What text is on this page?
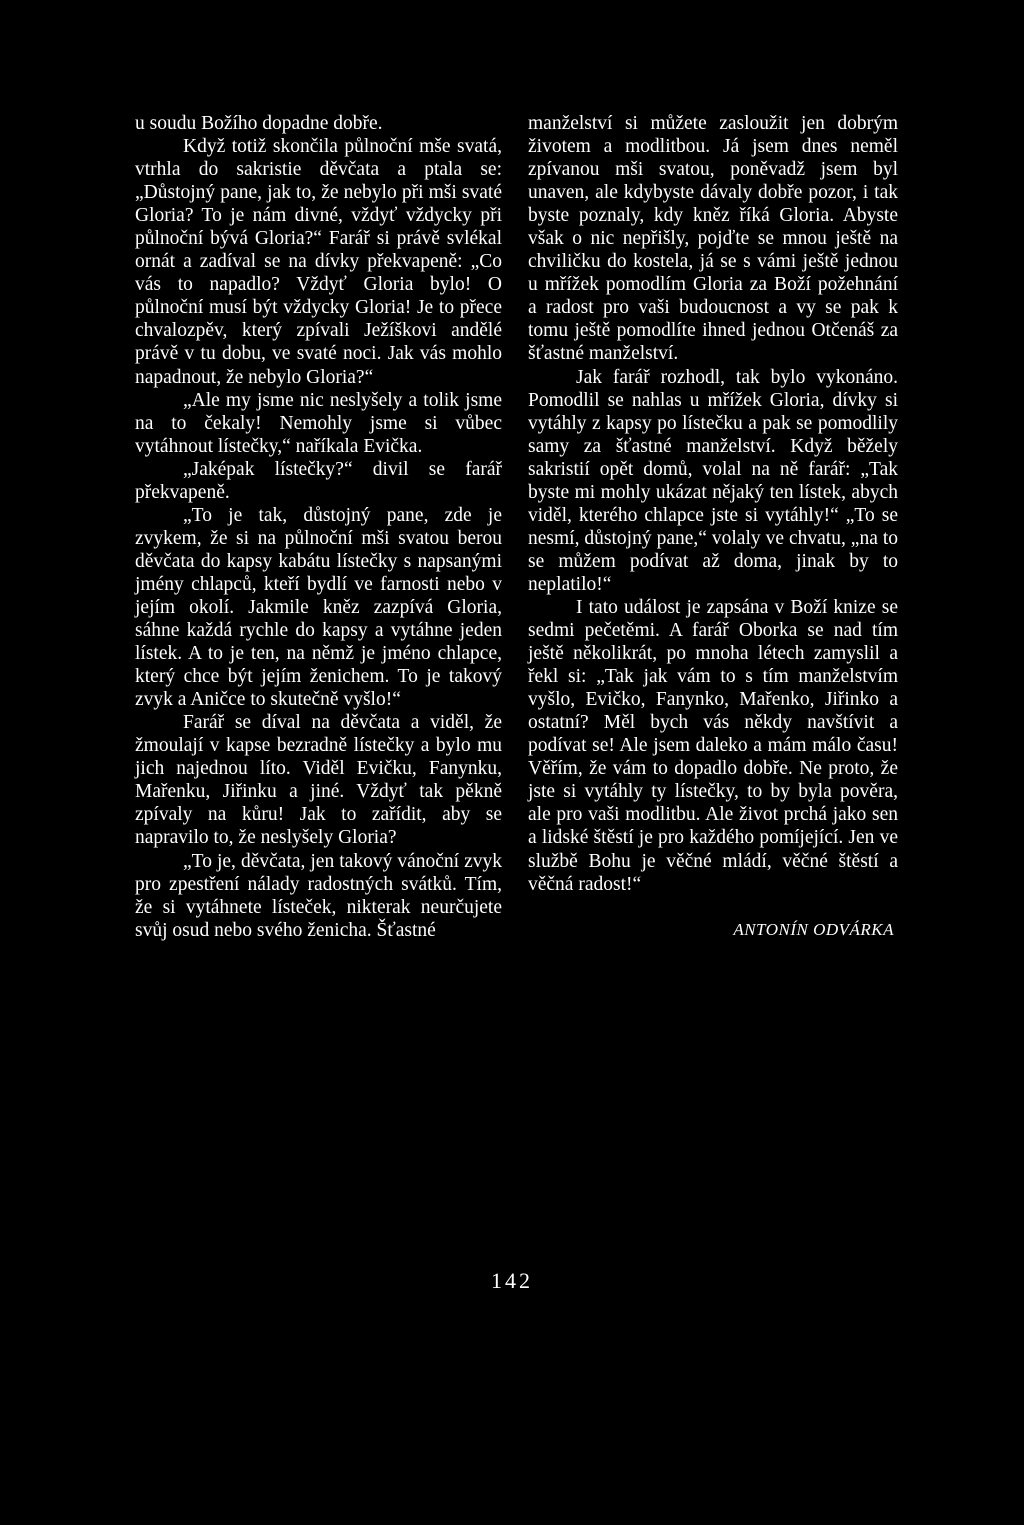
u soudu Božího dopadne dobře.

Když totiž skončila půlnoční mše svatá, vtrhla do sakristie děvčata a ptala se: „Důstojný pane, jak to, že nebylo při mši svaté Gloria? To je nám divné, vždyť vždycky při půlnoční bývá Gloria?“ Farář si právě svlékal ornát a zadíval se na dívky překvapeně: „Co vás to napadlo? Vždyť Gloria bylo! O půlnoční musí být vždycky Gloria! Je to přece chvalozpěv, který zpívali Ježíškovi andělé právě v tu dobu, ve svaté noci. Jak vás mohlo napadnout, že nebylo Gloria?“

„Ale my jsme nic neslyšely a tolik jsme na to čekaly! Nemohly jsme si vůbec vytáhnout lístečky,“ naříkala Evička.

„Jaképak lístečky?“ divil se farář překvapeně.

„To je tak, důstojný pane, zde je zvykem, že si na půlnoční mši svatou berou děvčata do kapsy kabátu lístečky s napsanými jmény chlapců, kteří bydlí ve farnosti nebo v jejím okolí. Jakmile kněz zazpívá Gloria, sáhne každá rychle do kapsy a vytáhne jeden lístek. A to je ten, na němž je jméno chlapce, který chce být jejím ženichem. To je takový zvyk a Aničce to skutečně vyšlo!“

Farář se díval na děvčata a viděl, že žmoulají v kapse bezradně lístečky a bylo mu jich najednou líto. Viděl Evičku, Fanynku, Mařenku, Jiřinku a jiné. Vždyť tak pěkně zpívaly na kůru! Jak to zařídit, aby se napravilo to, že neslyšely Gloria?

„To je, děvčata, jen takový vánoční zvyk pro zpestření nálady radostných svátků. Tím, že si vytáhnete lísteček, nikterak neurčujete svůj osud nebo svého ženicha. Šťastné

manželství si můžete zasloužit jen dobrým životem a modlitbou. Já jsem dnes neměl zpívanou mši svatou, poněvadž jsem byl unaven, ale kdybyste dávaly dobře pozor, i tak byste poznaly, kdy kněz říká Gloria. Abyste však o nic nepřišly, pojďte se mnou ještě na chviličku do kostela, já se s vámi ještě jednou u mřížek pomodlím Gloria za Boží požehnání a radost pro vaši budoucnost a vy se pak k tomu ještě pomodlíte ihned jednou Otčenáš za šťastné manželství.

Jak farář rozhodl, tak bylo vykonáno. Pomodlil se nahlas u mřížek Gloria, dívky si vytáhly z kapsy po lístečku a pak se pomodlily samy za šťastné manželství. Když běžely sakristií opět domů, volal na ně farář: „Tak byste mi mohly ukázat nějaký ten lístek, abych viděl, kterého chlapce jste si vytáhly!“ „To se nesmí, důstojný pane,“ volaly ve chvatu, „na to se můžem podívat až doma, jinak by to neplatilo!“

I tato událost je zapsána v Boží knize se sedmi pečetěmi. A farář Oborka se nad tím ještě několikrát, po mnoha létech zamyslil a řekl si: „Tak jak vám to s tím manželstvím vyšlo, Evičko, Fanynko, Mařenko, Jiřinko a ostatní? Měl bych vás někdy navštívit a podívat se! Ale jsem daleko a mám málo času! Věřím, že vám to dopadlo dobře. Ne proto, že jste si vytáhly ty lístečky, to by byla pověra, ale pro vaši modlitbu. Ale život prchá jako sen a lidské štěstí je pro každého pomíjející. Jen ve službě Bohu je věčné mládí, věčné štěstí a věčná radost!“

ANTONÍN ODVÁRKA
142
